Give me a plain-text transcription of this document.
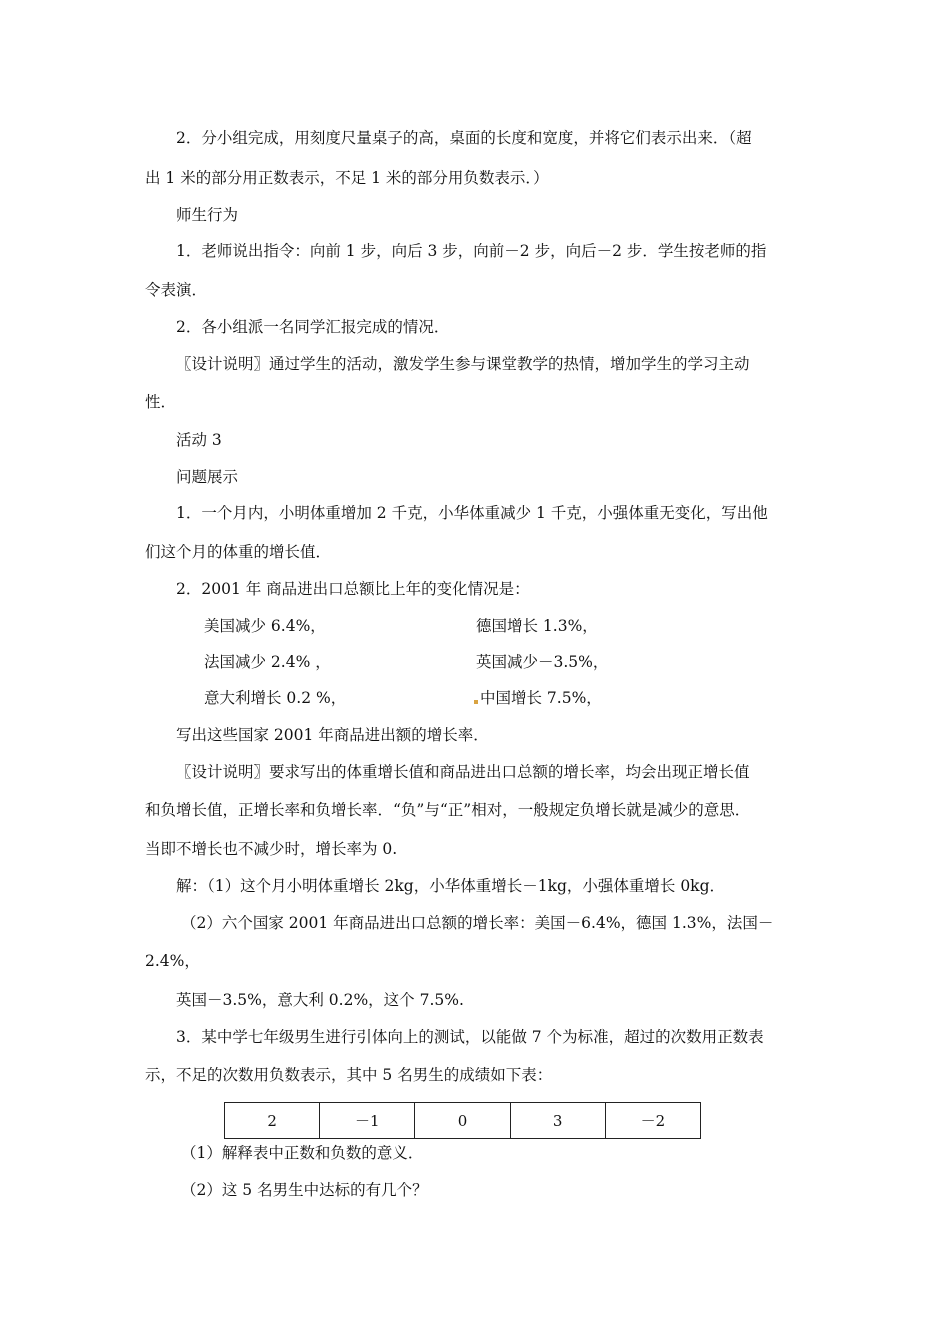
2．分小组完成，用刻度尺量桌子的高，桌面的长度和宽度，并将它们表示出来．（超
出 1 米的部分用正数表示，不足 1 米的部分用负数表示．）
师生行为
1．老师说出指令：向前 1 步，向后 3 步，向前－2 步，向后－2 步．学生按老师的指
令表演．
2．各小组派一名同学汇报完成的情况．
〖设计说明〗通过学生的活动，激发学生参与课堂教学的热情，增加学生的学习主动
性．
活动 3
问题展示
1．一个月内，小明体重增加 2 千克，小华体重减少 1 千克，小强体重无变化，写出他
们这个月的体重的增长值．
2．2001 年 商品进出口总额比上年的变化情况是：
美国减少 6.4%，	德国增长 1.3%，
法国减少 2.4% ，	英国减少－3.5%，
意大利增长 0.2 %，	中国增长 7.5%，
写出这些国家 2001 年商品进出额的增长率．
〖设计说明〗要求写出的体重增长值和商品进出口总额的增长率，均会出现正增长值
和负增长值，正增长率和负增长率．“负”与“正”相对，一般规定负增长就是减少的意思．
当即不增长也不减少时，增长率为 0.
解：（1）这个月小明体重增长 2kg，小华体重增长－1kg，小强体重增长 0kg．
（2）六个国家 2001 年商品进出口总额的增长率：美国－6.4%，德国 1.3%，法国－
2.4%，
英国－3.5%，意大利 0.2%，这个 7.5%.
3．某中学七年级男生进行引体向上的测试，以能做 7 个为标准，超过的次数用正数表
示，不足的次数用负数表示，其中 5 名男生的成绩如下表：
2	－1	0	3	－2
（1）解释表中正数和负数的意义．
（2）这 5 名男生中达标的有几个？
